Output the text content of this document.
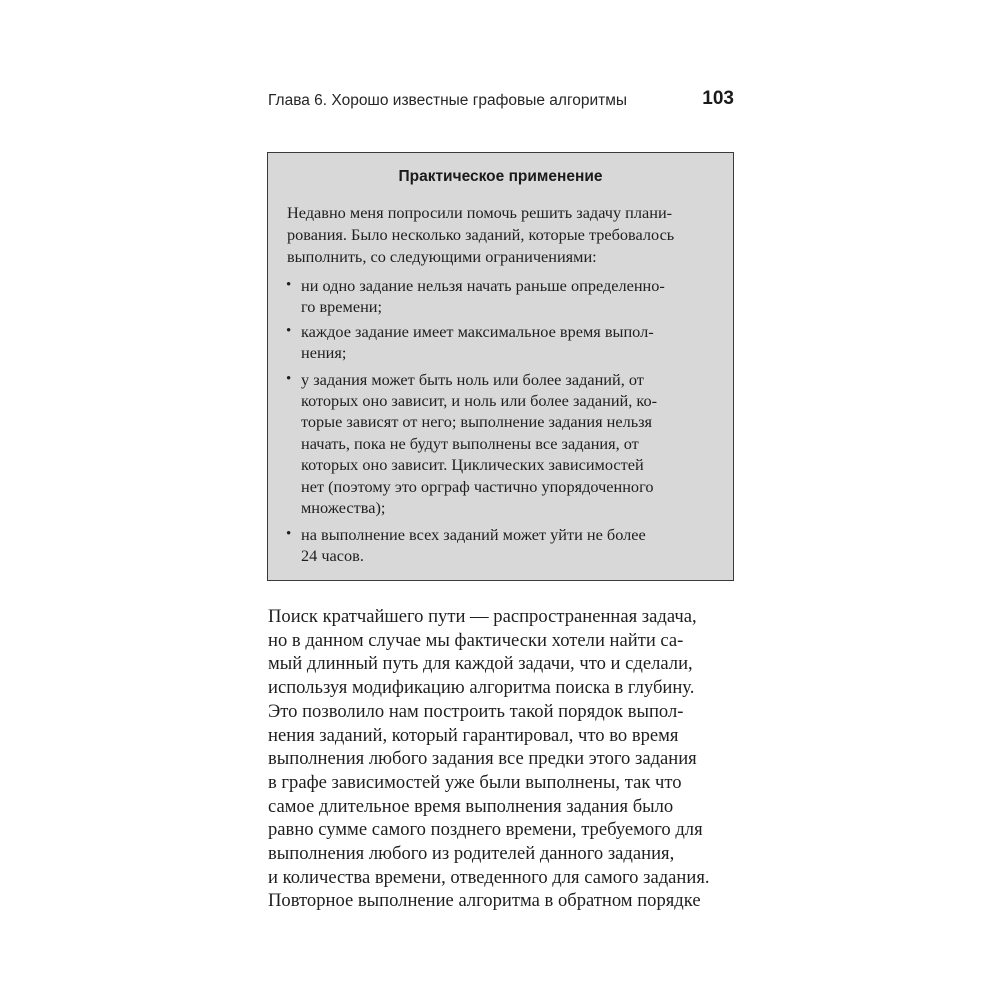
Глава 6. Хорошо известные графовые алгоритмы	103
Практическое применение
Недавно меня попросили помочь решить задачу плани-
рования. Было несколько заданий, которые требовалось
выполнить, со следующими ограничениями:
• ни одно задание нельзя начать раньше определенно-
го времени;
• каждое задание имеет максимальное время выпол-
нения;
• у задания может быть ноль или более заданий, от
которых оно зависит, и ноль или более заданий, ко-
торые зависят от него; выполнение задания нельзя
начать, пока не будут выполнены все задания, от
которых оно зависит. Циклических зависимостей
нет (поэтому это орграф частично упорядоченного
множества);
• на выполнение всех заданий может уйти не более
24 часов.
Поиск кратчайшего пути — распространенная задача,
но в данном случае мы фактически хотели найти са-
мый длинный путь для каждой задачи, что и сделали,
используя модификацию алгоритма поиска в глубину.
Это позволило нам построить такой порядок выпол-
нения заданий, который гарантировал, что во время
выполнения любого задания все предки этого задания
в графе зависимостей уже были выполнены, так что
самое длительное время выполнения задания было
равно сумме самого позднего времени, требуемого для
выполнения любого из родителей данного задания,
и количества времени, отведенного для самого задания.
Повторное выполнение алгоритма в обратном порядке
